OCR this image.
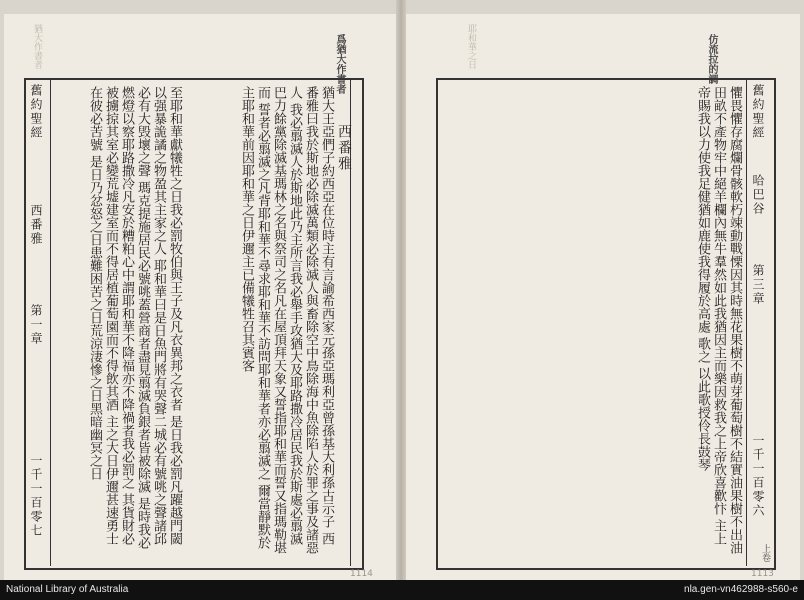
猶大作書者	爲猶大作書者
舊約聖經
西番雅
第一章
一千一百零七
西番雅
猶大王亞們子約西亞在位時主有言諭希西家元孫亞瑪利亞曾孫基大利孫古示子 西番雅曰我於斯地必除滅萬類必除滅人與畜除空中鳥除海中魚除陷人於罪之事及諸惡人 我必翦滅人於斯地此乃主所言我必舉手攻猶大及耶路撒冷居民我於斯處必翦滅 巴力餘黨除滅基瑪林之名與祭司之名凡在屋頂拜天象又誓指耶和華而誓又指瑪勒堪而 誓者必翦滅之凡背耶和華不尋求耶和華不訪問耶和華者亦必翦滅之 爾當靜默於主耶和華前因耶和華之日伊邇主已備犧牲召其賓客
至耶和華獻犧牲之日我必罰牧伯與王子及凡衣異邦之衣者 是日我必罰凡躍越門閾以强暴詭譎之物盈其主家之人 耶和華曰是日魚門將有哭聲二城必有號咷之聲諸邱必有大毁壞之聲 瑪克提施居民必號咷蓋營商者盡見翦滅負銀者皆被除滅 是時我必燃燈以察耶路撒冷凡安於糟粕心中謂耶和華不降福亦不降禍者我必罰之 其貨財必被擄掠其室必變荒墟建室而不得居植葡萄園而不得飲其酒 主之大日伊邇甚速勇士在彼必苦號 是日乃忿怒之日患難困苦之日荒涼淒慘之日黑暗幽冥之日
1114
仿流拉的調
耶和華之日
舊約聖經
哈巴谷
第三章
一千一百零六
上卷
懼畏懼存腐爛骨骸軟朽竦動戰慄因其時無花果樹不萌芽葡萄樹不結實油果樹不出油 田畝不產物牢中絕羊欄內無牛羣然如此我猶因主而樂因救我之上帝欣喜歡忭 主上帝賜我以力使我足健猶如鹿使我得履於高處 歌之 以此歌授伶長鼓琴
1113
National Library of Australia	nla.gen-vn462988-s560-e
